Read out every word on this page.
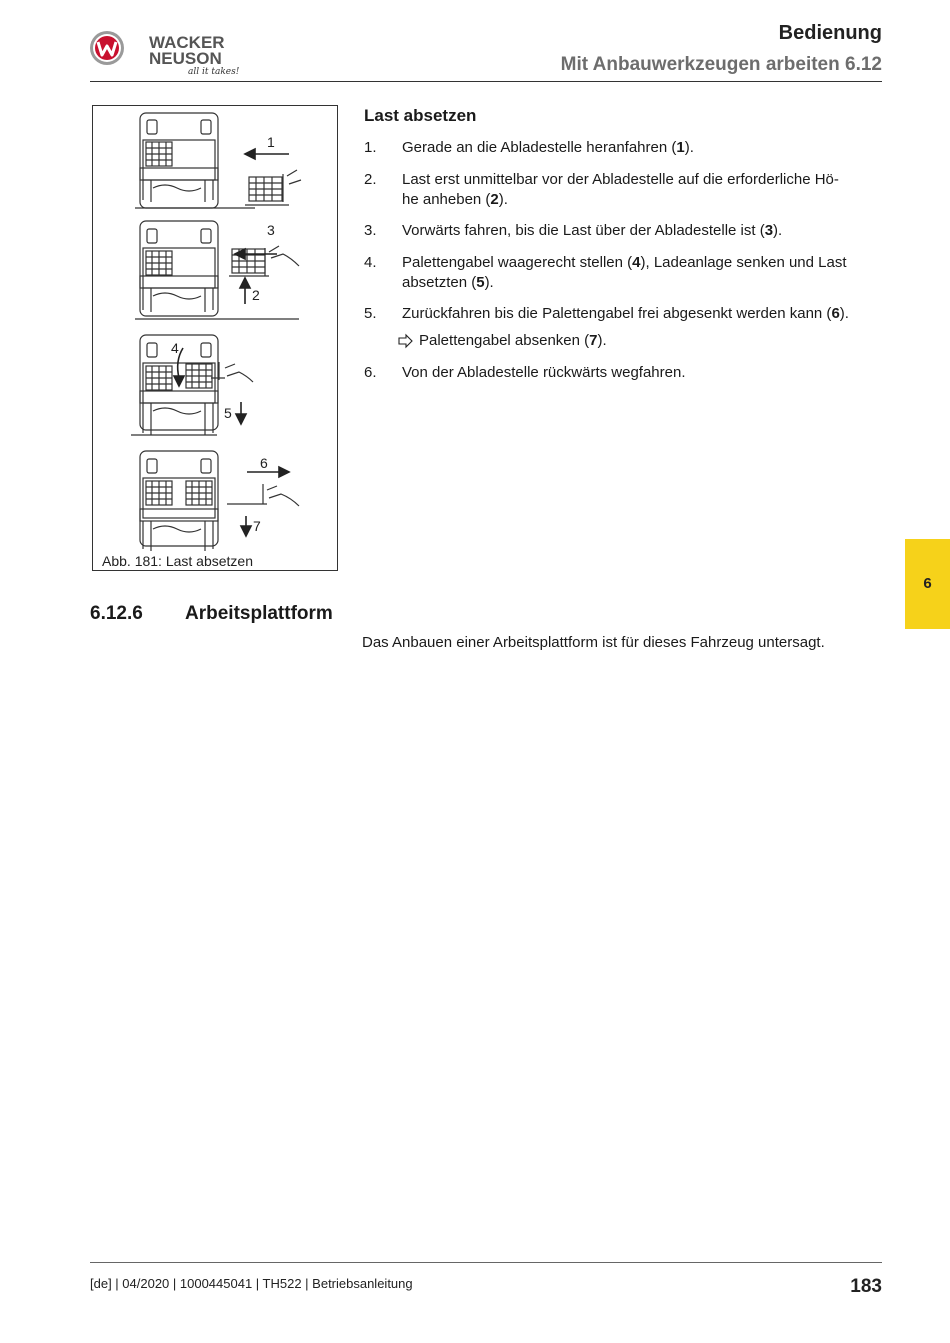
WACKER
NEUSON
all it takes!
Bedienung
Mit Anbauwerkzeugen arbeiten 6.12
1
3
2
4
5
6
7
Abb. 181: Last absetzen
Last absetzen
1. Gerade an die Abladestelle heranfahren (1).
2. Last erst unmittelbar vor der Abladestelle auf die erforderliche Hö-
he anheben (2).
3. Vorwärts fahren, bis die Last über der Abladestelle ist (3).
4. Palettengabel waagerecht stellen (4), Ladeanlage senken und Last
absetzten (5).
5. Zurückfahren bis die Palettengabel frei abgesenkt werden kann (6).
Palettengabel absenken (7).
6. Von der Abladestelle rückwärts wegfahren.
6.12.6 Arbeitsplattform
Das Anbauen einer Arbeitsplattform ist für dieses Fahrzeug untersagt.
6
[de] | 04/2020 | 1000445041 | TH522 | Betriebsanleitung	183
